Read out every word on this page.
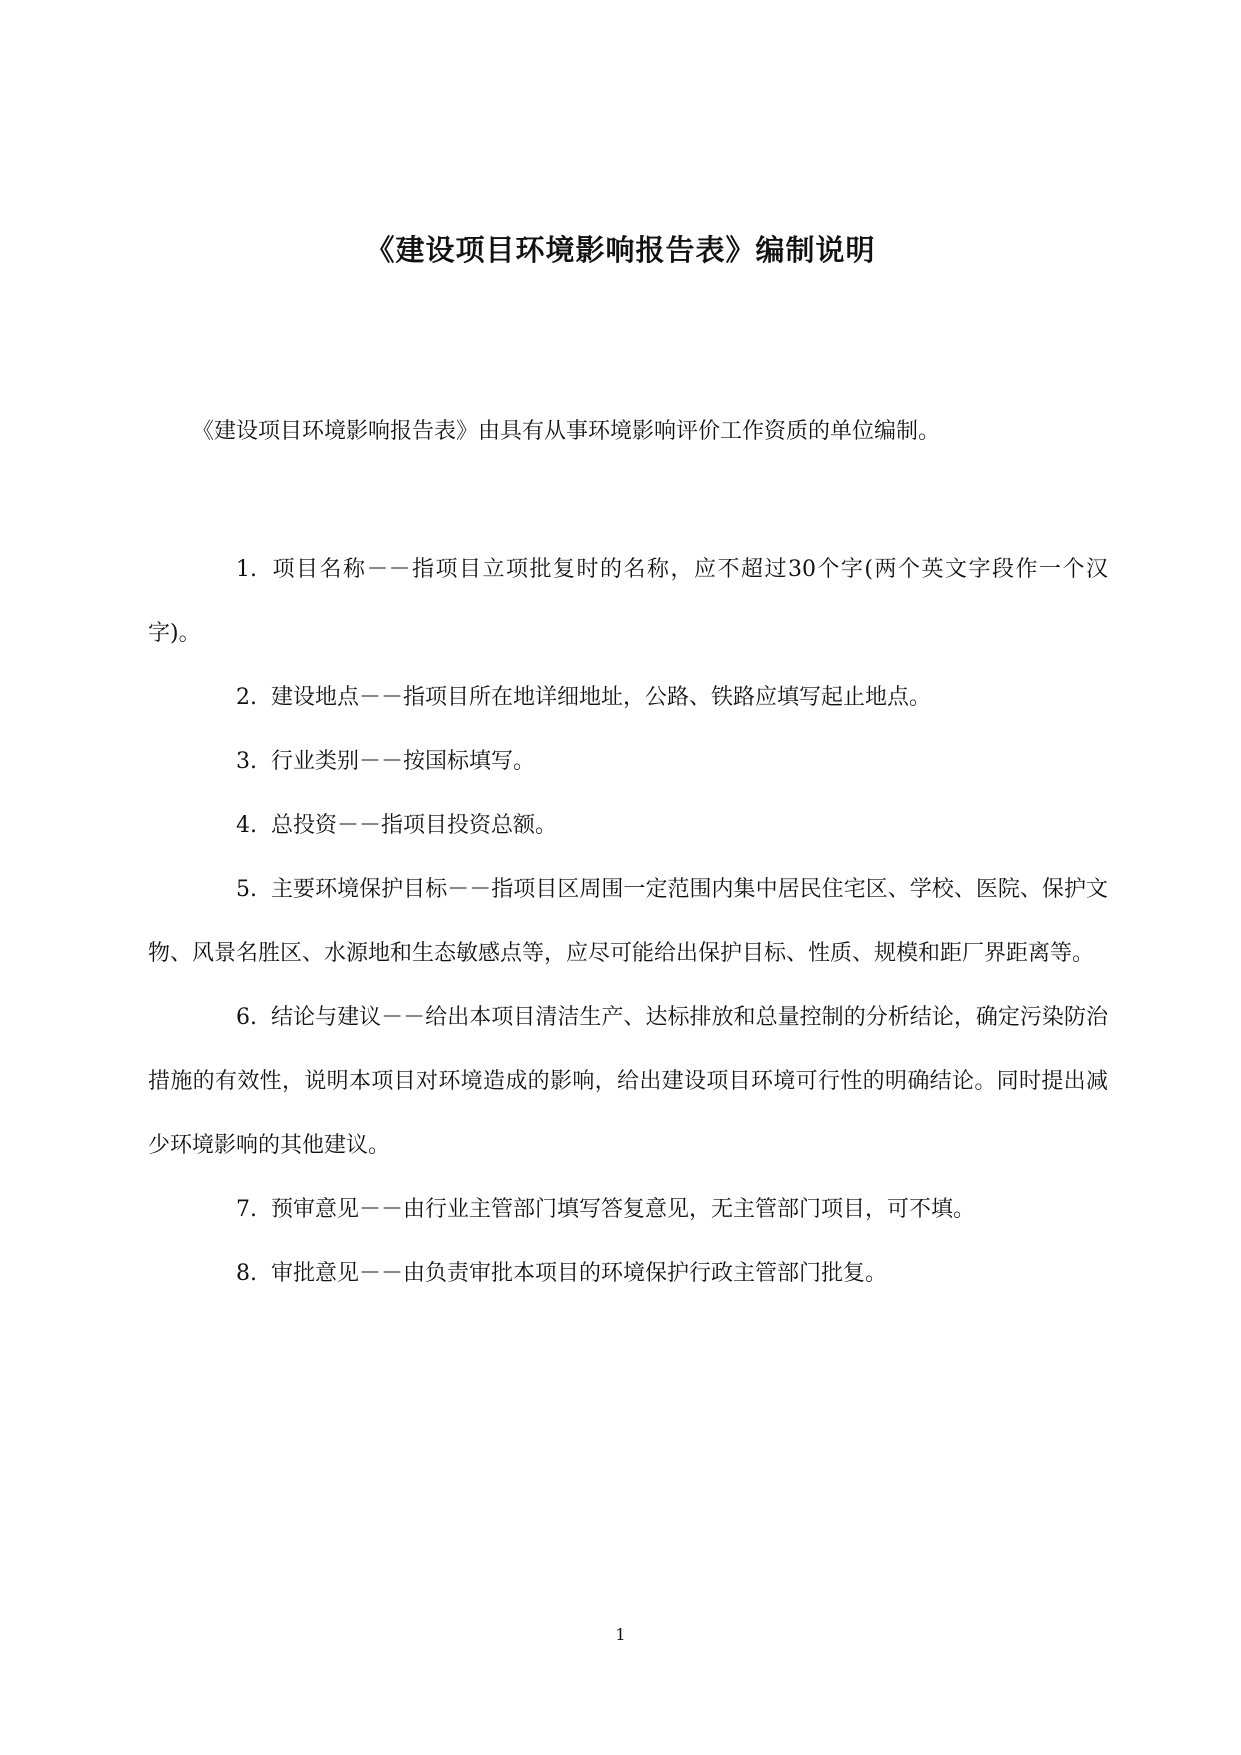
《建设项目环境影响报告表》编制说明
《建设项目环境影响报告表》由具有从事环境影响评价工作资质的单位编制。

1. 项目名称－－指项目立项批复时的名称，应不超过30个字(两个英文字段作一个汉字)。

2. 建设地点－－指项目所在地详细地址，公路、铁路应填写起止地点。

3. 行业类别－－按国标填写。

4. 总投资－－指项目投资总额。

5. 主要环境保护目标－－指项目区周围一定范围内集中居民住宅区、学校、医院、保护文物、风景名胜区、水源地和生态敏感点等，应尽可能给出保护目标、性质、规模和距厂界距离等。

6. 结论与建议－－给出本项目清洁生产、达标排放和总量控制的分析结论，确定污染防治措施的有效性，说明本项目对环境造成的影响，给出建设项目环境可行性的明确结论。同时提出减少环境影响的其他建议。

7. 预审意见－－由行业主管部门填写答复意见，无主管部门项目，可不填。

8. 审批意见－－由负责审批本项目的环境保护行政主管部门批复。

1
